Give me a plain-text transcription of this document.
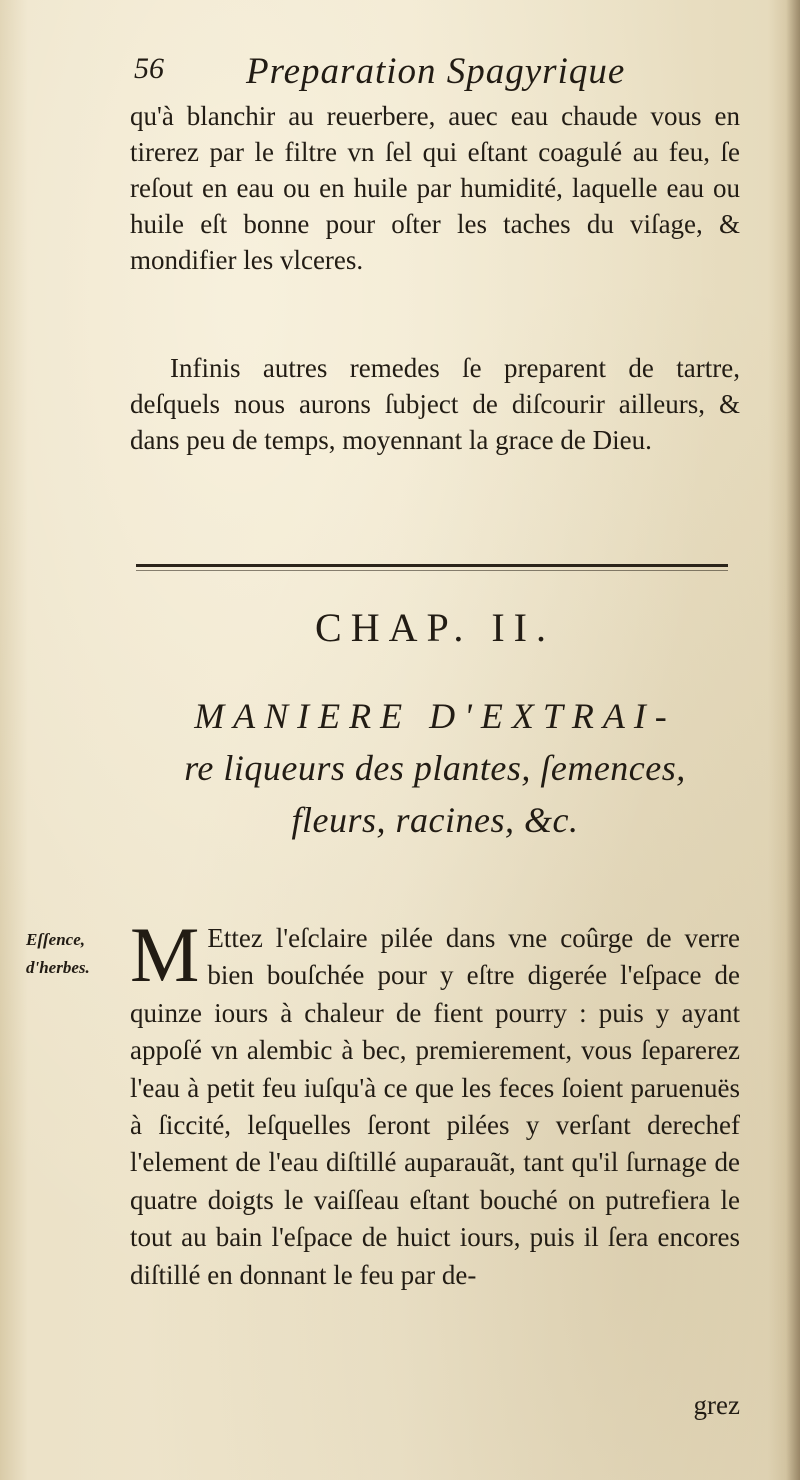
56 Preparation Spagyrique

qu'à blanchir au reuerbere, auec eau chaude vous en tirerez par le filtre vn ſel qui eſtant coagulé au feu, ſe reſout en eau ou en huile par humidité, laquelle eau ou huile eſt bonne pour oſter les taches du viſage, & mondifier les vlceres.

Infinis autres remedes ſe preparent de tartre, deſquels nous aurons ſubject de diſcourir ailleurs, & dans peu de temps, moyennant la grace de Dieu.

CHAP. II.
MANIERE D'EXTRAI-
re liqueurs des plantes, ſemences,
fleurs, racines, &c.
Eſſence,
d'herbes. M Ettez l'eſclaire pilée dans vne coûrge de verre bien bouſchée pour y eſtre digerée l'eſpace de quinze iours à chaleur de fient pourry : puis y ayant appoſé vn alembic à bec, premierement, vous ſeparerez l'eau à petit feu iuſqu'à ce que les feces ſoient paruenuës à ſiccité, leſquelles ſeront pilées y verſant derechef l'element de l'eau diſtillé auparauãt, tant qu'il ſurnage de quatre doigts le vaiſſeau eſtant bouché on putrefiera le tout au bain l'eſpace de huict iours, puis il ſera encores diſtillé en donnant le feu par de-
grez
